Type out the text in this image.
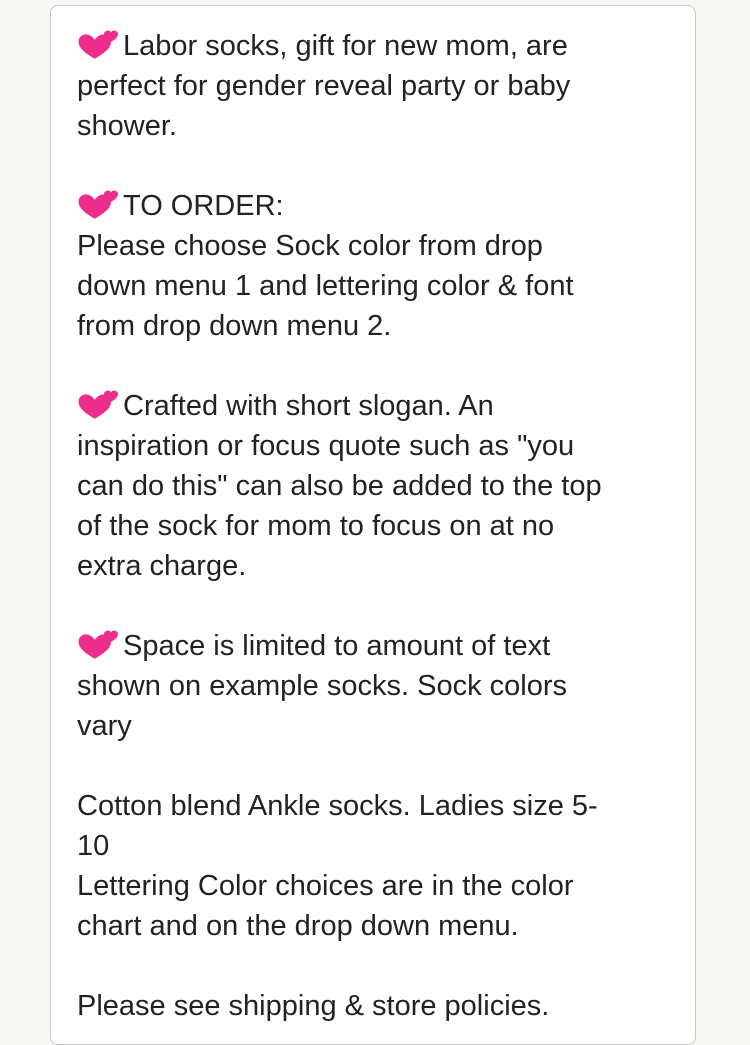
Labor socks, gift for new mom, are
perfect for gender reveal party or baby
shower.
TO ORDER:
Please choose Sock color from drop
down menu 1 and lettering color & font
from drop down menu 2.
Crafted with short slogan. An
inspiration or focus quote such as "you
can do this" can also be added to the top
of the sock for mom to focus on at no
extra charge.
Space is limited to amount of text
shown on example socks. Sock colors
vary
Cotton blend Ankle socks. Ladies size 5-
10
Lettering Color choices are in the color
chart and on the drop down menu.
Please see shipping & store policies.
